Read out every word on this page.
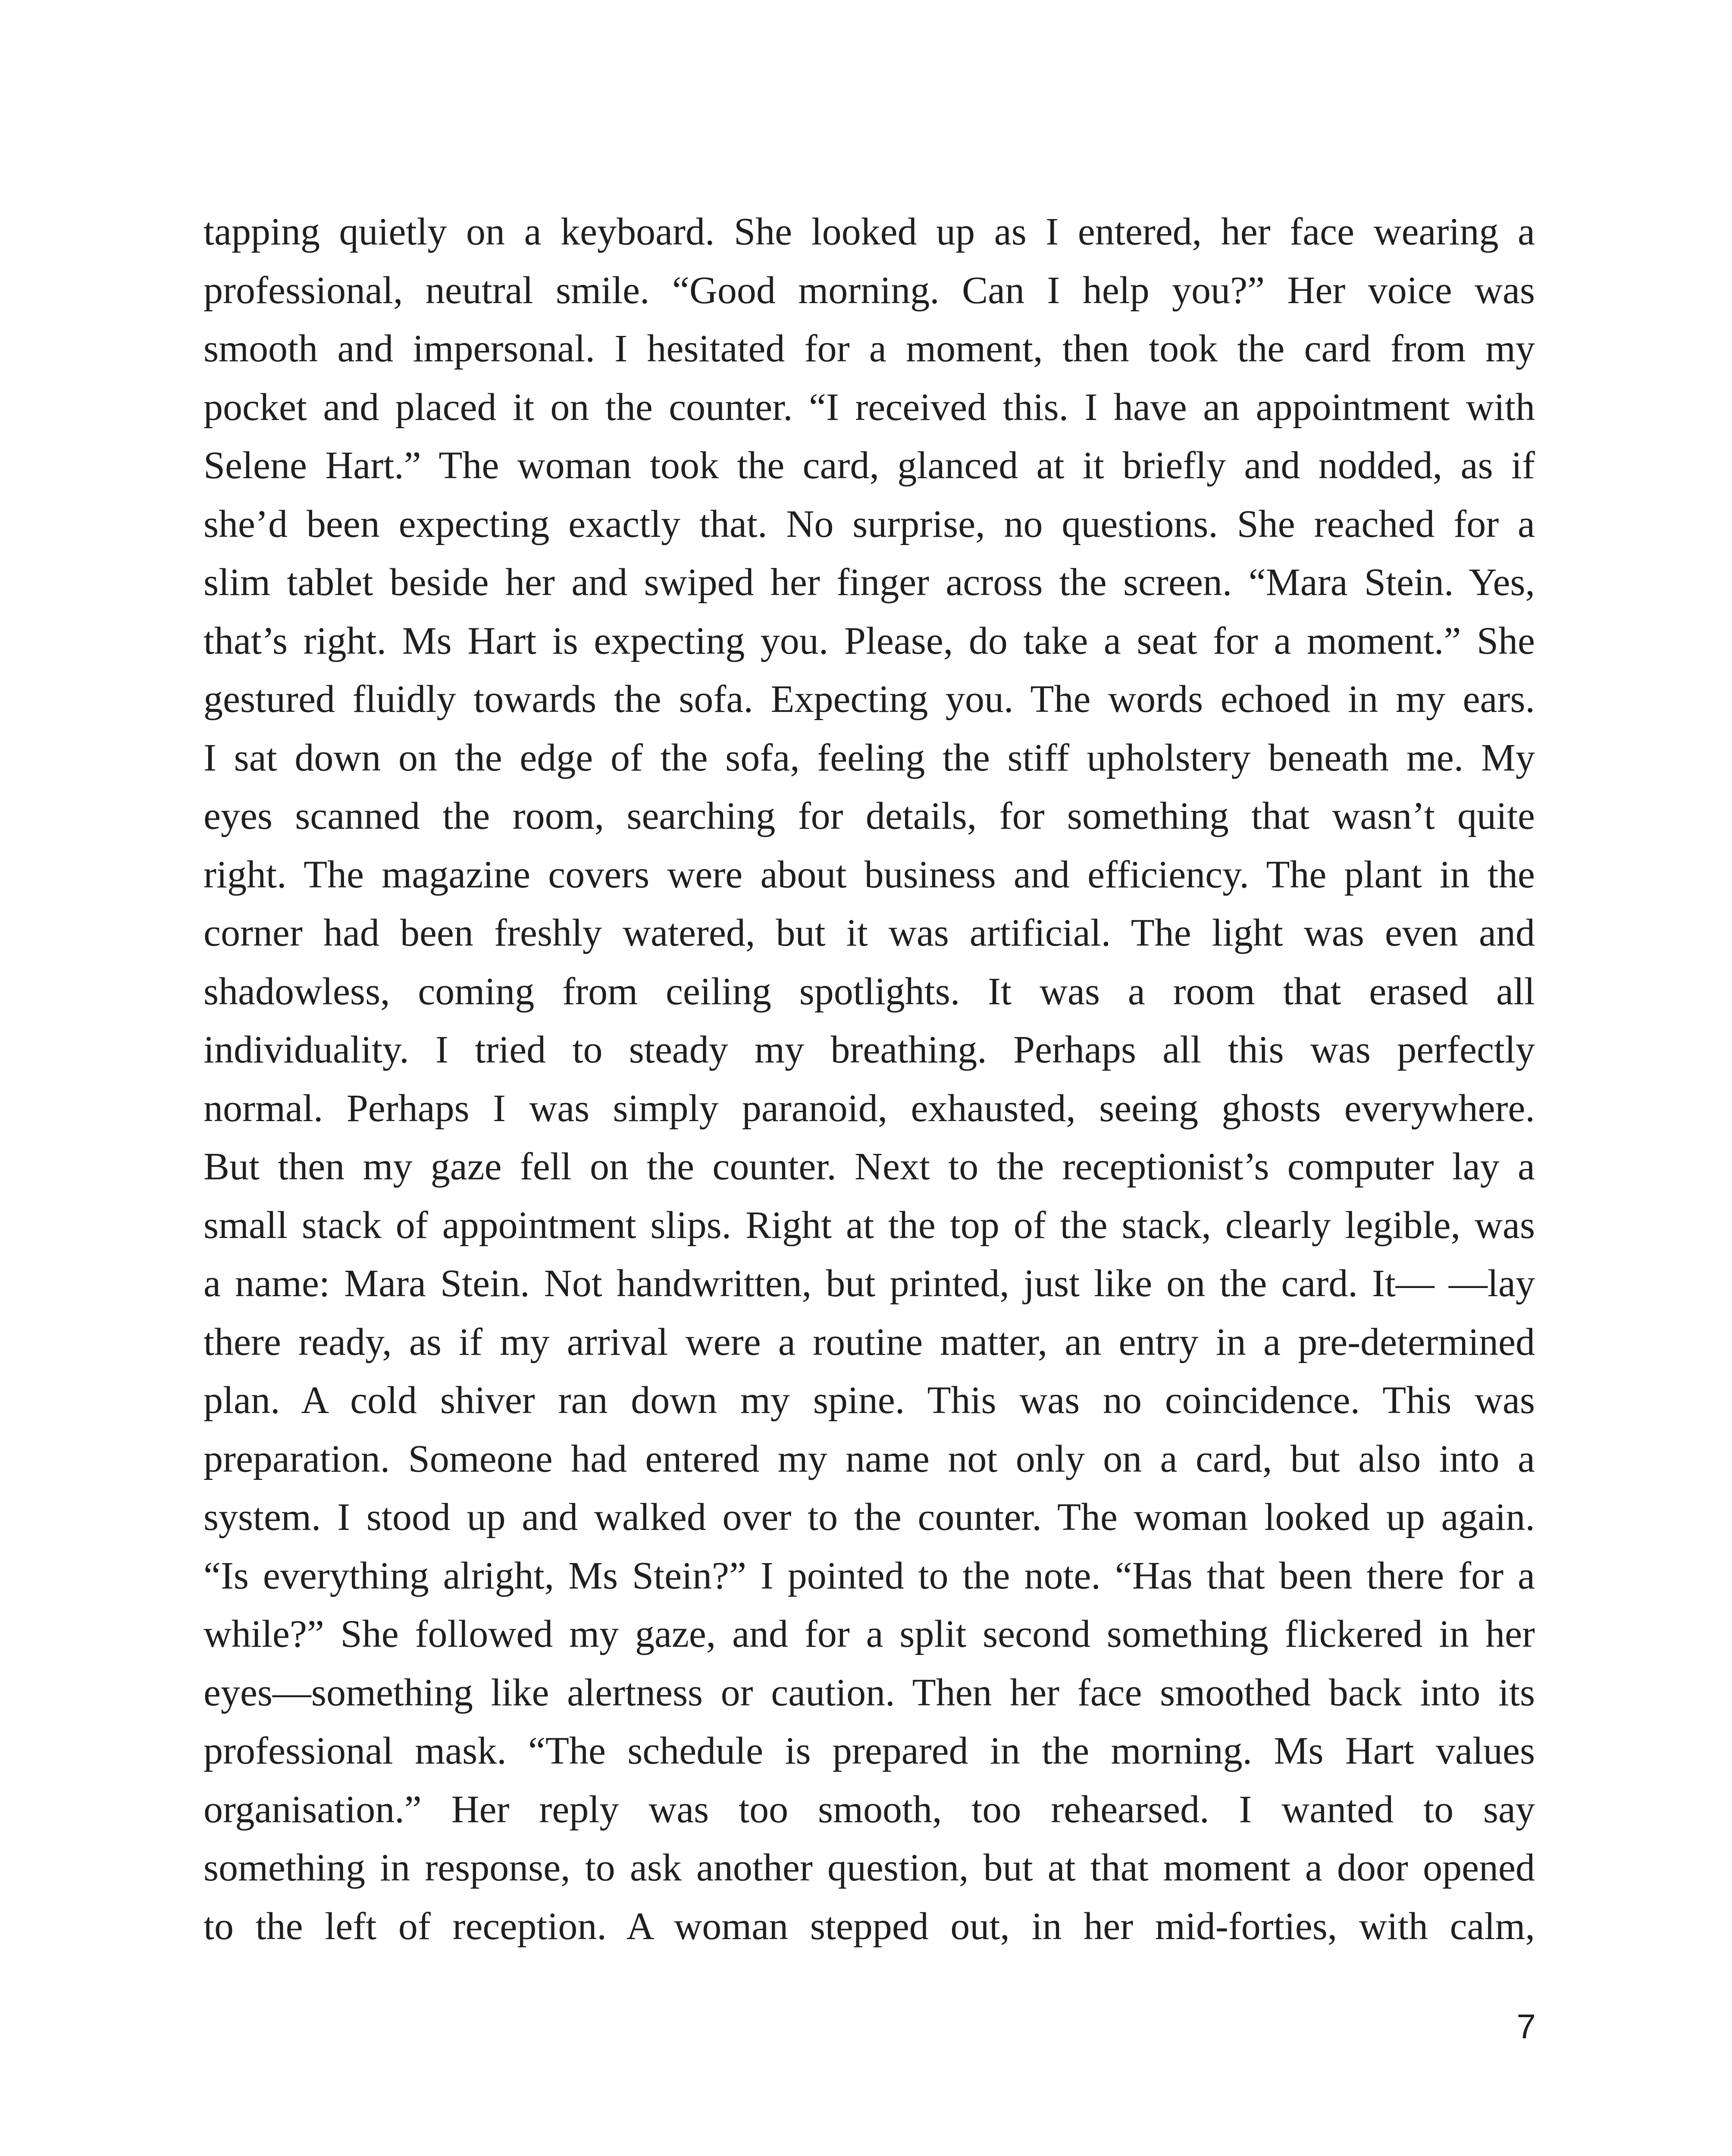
tapping quietly on a keyboard. She looked up as I entered, her face wearing a
professional, neutral smile. “Good morning. Can I help you?” Her voice was
smooth and impersonal. I hesitated for a moment, then took the card from my
pocket and placed it on the counter. “I received this. I have an appointment with
Selene Hart.” The woman took the card, glanced at it briefly and nodded, as if
she’d been expecting exactly that. No surprise, no questions. She reached for a
slim tablet beside her and swiped her finger across the screen. “Mara Stein. Yes,
that’s right. Ms Hart is expecting you. Please, do take a seat for a moment.” She
gestured fluidly towards the sofa. Expecting you. The words echoed in my ears.
I sat down on the edge of the sofa, feeling the stiff upholstery beneath me. My
eyes scanned the room, searching for details, for something that wasn’t quite
right. The magazine covers were about business and efficiency. The plant in the
corner had been freshly watered, but it was artificial. The light was even and
shadowless, coming from ceiling spotlights. It was a room that erased all
individuality. I tried to steady my breathing. Perhaps all this was perfectly
normal. Perhaps I was simply paranoid, exhausted, seeing ghosts everywhere.
But then my gaze fell on the counter. Next to the receptionist’s computer lay a
small stack of appointment slips. Right at the top of the stack, clearly legible, was
a name: Mara Stein. Not handwritten, but printed, just like on the card. It— —lay
there ready, as if my arrival were a routine matter, an entry in a pre-determined
plan. A cold shiver ran down my spine. This was no coincidence. This was
preparation. Someone had entered my name not only on a card, but also into a
system. I stood up and walked over to the counter. The woman looked up again.
“Is everything alright, Ms Stein?” I pointed to the note. “Has that been there for a
while?” She followed my gaze, and for a split second something flickered in her
eyes—something like alertness or caution. Then her face smoothed back into its
professional mask. “The schedule is prepared in the morning. Ms Hart values
organisation.” Her reply was too smooth, too rehearsed. I wanted to say
something in response, to ask another question, but at that moment a door opened
to the left of reception. A woman stepped out, in her mid-forties, with calm,
7
